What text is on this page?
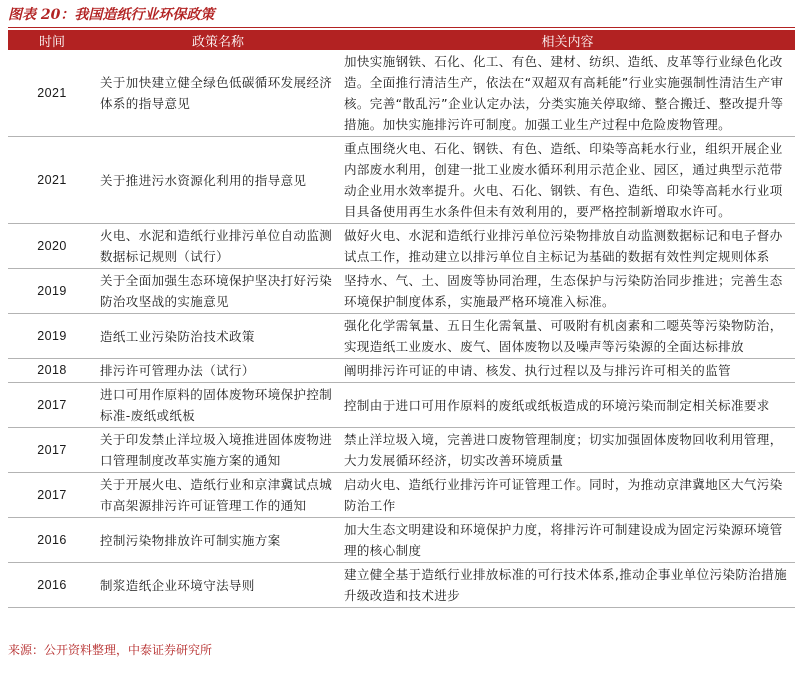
图表 20：我国造纸行业环保政策
时间	政策名称	相关内容
2021	关于加快建立健全绿色低碳循环发展经济体系的指导意见	加快实施钢铁、石化、化工、有色、建材、纺织、造纸、皮革等行业绿色化改造。全面推行清洁生产，依法在“双超双有高耗能”行业实施强制性清洁生产审核。完善“散乱污”企业认定办法，分类实施关停取缔、整合搬迁、整改提升等措施。加快实施排污许可制度。加强工业生产过程中危险废物管理。
2021	关于推进污水资源化利用的指导意见	重点围绕火电、石化、钢铁、有色、造纸、印染等高耗水行业，组织开展企业内部废水利用，创建一批工业废水循环利用示范企业、园区，通过典型示范带动企业用水效率提升。火电、石化、钢铁、有色、造纸、印染等高耗水行业项目具备使用再生水条件但未有效利用的，要严格控制新增取水许可。
2020	火电、水泥和造纸行业排污单位自动监测数据标记规则（试行）	做好火电、水泥和造纸行业排污单位污染物排放自动监测数据标记和电子督办试点工作，推动建立以排污单位自主标记为基础的数据有效性判定规则体系
2019	关于全面加强生态环境保护坚决打好污染防治攻坚战的实施意见	坚持水、气、土、固废等协同治理，生态保护与污染防治同步推进；完善生态环境保护制度体系，实施最严格环境准入标准。
2019	造纸工业污染防治技术政策	强化化学需氧量、五日生化需氧量、可吸附有机卤素和二噁英等污染物防治，实现造纸工业废水、废气、固体废物以及噪声等污染源的全面达标排放
2018	排污许可管理办法（试行）	阐明排污许可证的申请、核发、执行过程以及与排污许可相关的监管
2017	进口可用作原料的固体废物环境保护控制标准-废纸或纸板	控制由于进口可用作原料的废纸或纸板造成的环境污染而制定相关标准要求
2017	关于印发禁止洋垃圾入境推进固体废物进口管理制度改革实施方案的通知	禁止洋垃圾入境，完善进口废物管理制度；切实加强固体废物回收利用管理，大力发展循环经济，切实改善环境质量
2017	关于开展火电、造纸行业和京津冀试点城市高架源排污许可证管理工作的通知	启动火电、造纸行业排污许可证管理工作。同时，为推动京津冀地区大气污染防治工作
2016	控制污染物排放许可制实施方案	加大生态文明建设和环境保护力度，将排污许可制建设成为固定污染源环境管理的核心制度
2016	制浆造纸企业环境守法导则	建立健全基于造纸行业排放标准的可行技术体系,推动企事业单位污染防治措施升级改造和技术进步
来源：公开资料整理，中泰证券研究所
